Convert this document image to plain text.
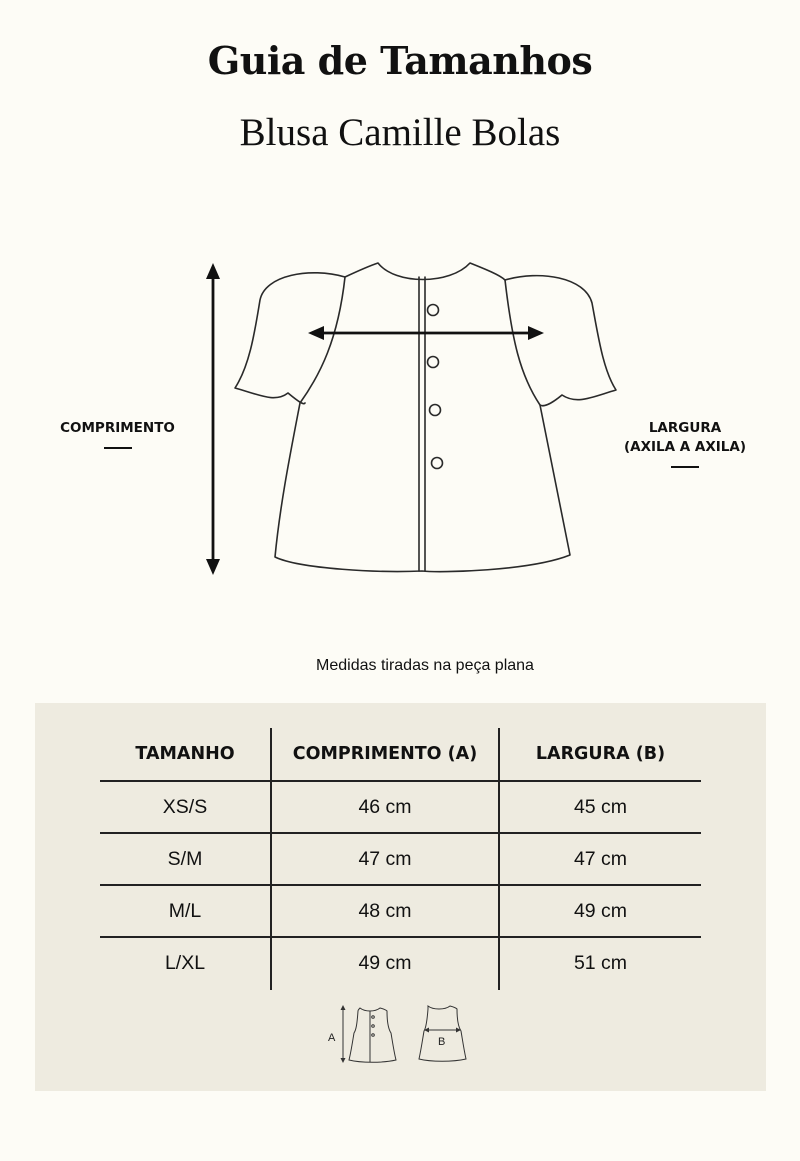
Guia de Tamanhos
Blusa Camille Bolas
COMPRIMENTO	LARGURA
(AXILA A AXILA)
Medidas tiradas na peça plana
TAMANHO	COMPRIMENTO (A)	LARGURA (B)
XS/S	46 cm	45 cm
S/M	47 cm	47 cm
M/L	48 cm	49 cm
L/XL	49 cm	51 cm
A	B
